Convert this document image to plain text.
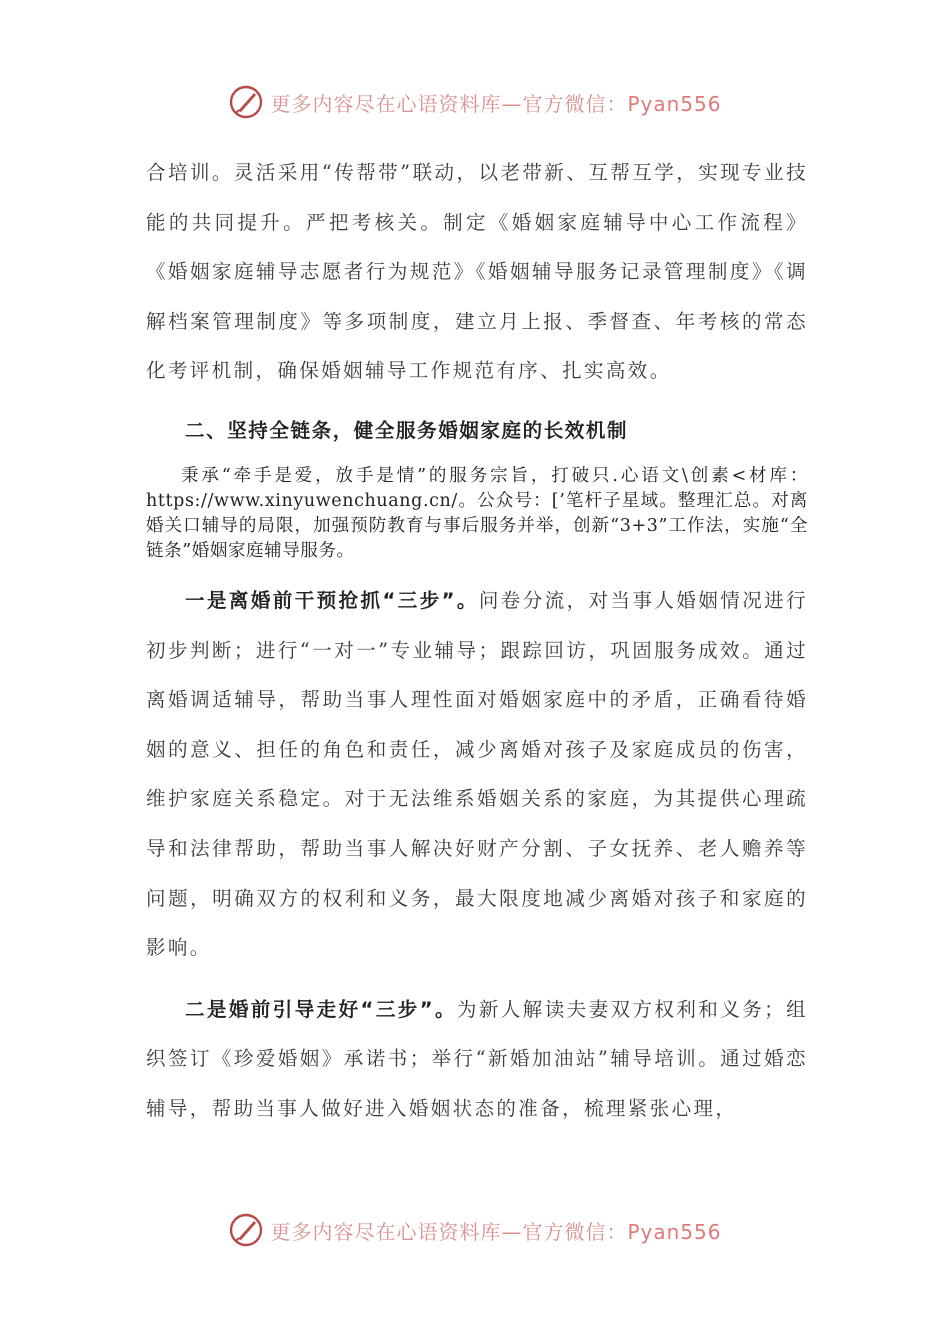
更多内容尽在心语资料库—官方微信：Pyan556

合培训。灵活采用“传帮带”联动，以老带新、互帮互学，实现专业技能的共同提升。严把考核关。制定《婚姻家庭辅导中心工作流程》《婚姻家庭辅导志愿者行为规范》《婚姻辅导服务记录管理制度》《调解档案管理制度》等多项制度，建立月上报、季督查、年考核的常态化考评机制，确保婚姻辅导工作规范有序、扎实高效。

二、坚持全链条，健全服务婚姻家庭的长效机制

秉承“牵手是爱，放手是情”的服务宗旨，打破只.心语文\创素<材库：https://www.xinyuwenchuang.cn/。公众号：[’笔杆子星域。整理汇总。对离婚关口辅导的局限，加强预防教育与事后服务并举，创新“3+3”工作法，实施“全链条”婚姻家庭辅导服务。

一是离婚前干预抢抓“三步”。问卷分流，对当事人婚姻情况进行初步判断；进行“一对一”专业辅导；跟踪回访，巩固服务成效。通过离婚调适辅导，帮助当事人理性面对婚姻家庭中的矛盾，正确看待婚姻的意义、担任的角色和责任，减少离婚对孩子及家庭成员的伤害，维护家庭关系稳定。对于无法维系婚姻关系的家庭，为其提供心理疏导和法律帮助，帮助当事人解决好财产分割、子女抚养、老人赡养等问题，明确双方的权利和义务，最大限度地减少离婚对孩子和家庭的影响。

二是婚前引导走好“三步”。为新人解读夫妻双方权利和义务；组织签订《珍爱婚姻》承诺书；举行“新婚加油站”辅导培训。通过婚恋辅导，帮助当事人做好进入婚姻状态的准备，梳理紧张心理，

更多内容尽在心语资料库—官方微信：Pyan556
